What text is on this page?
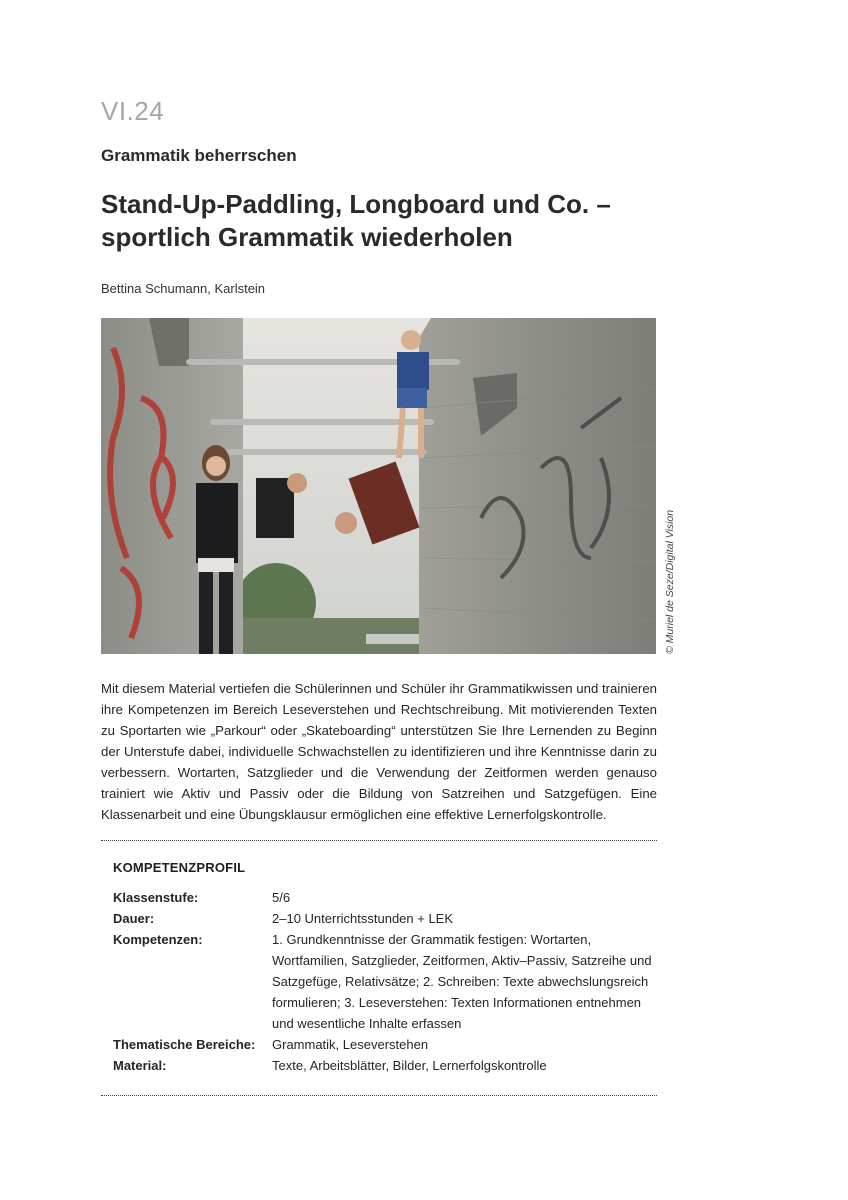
VI.24
Grammatik beherrschen
Stand-Up-Paddling, Longboard und Co. – sportlich Grammatik wiederholen
Bettina Schumann, Karlstein
© Muriel de Seze/Digital Vision
Mit diesem Material vertiefen die Schülerinnen und Schüler ihr Grammatikwissen und trainieren ihre Kompetenzen im Bereich Leseverstehen und Rechtschreibung. Mit motivierenden Texten zu Sportarten wie „Parkour“ oder „Skateboarding“ unterstützen Sie Ihre Lernenden zu Beginn der Unterstufe dabei, individuelle Schwachstellen zu identifizieren und ihre Kenntnisse darin zu verbessern. Wortarten, Satzglieder und die Verwendung der Zeitformen werden genauso trainiert wie Aktiv und Passiv oder die Bildung von Satzreihen und Satzgefügen. Eine Klassenarbeit und eine Übungsklausur ermöglichen eine effektive Lernerfolgskontrolle.
KOMPETENZPROFIL
Klassenstufe:	5/6
Dauer:	2–10 Unterrichtsstunden + LEK
Kompetenzen:	1. Grundkenntnisse der Grammatik festigen: Wortarten, Wortfamilien, Satzglieder, Zeitformen, Aktiv–Passiv, Satzreihe und Satzgefüge, Relativsätze; 2. Schreiben: Texte abwechslungsreich formulieren; 3. Leseverstehen: Texten Informationen entnehmen und wesentliche Inhalte erfassen
Thematische Bereiche:	Grammatik, Leseverstehen
Material:	Texte, Arbeitsblätter, Bilder, Lernerfolgskontrolle
